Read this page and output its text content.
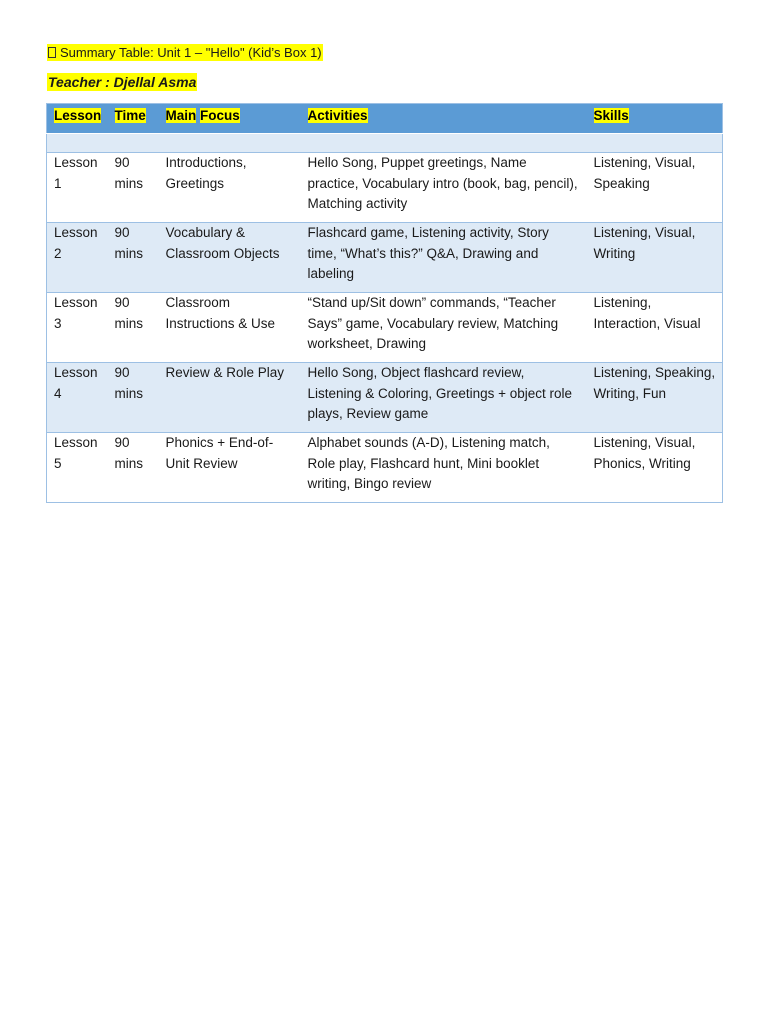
Summary Table: Unit 1 – "Hello" (Kid’s Box 1)
Teacher : Djellal Asma
Lesson	Time	Main Focus	Activities	Skills

Lesson 1	90 mins	Introductions, Greetings	Hello Song, Puppet greetings, Name practice, Vocabulary intro (book, bag, pencil), Matching activity	Listening, Visual, Speaking
Lesson 2	90 mins	Vocabulary & Classroom Objects	Flashcard game, Listening activity, Story time, “What’s this?” Q&A, Drawing and labeling	Listening, Visual, Writing
Lesson 3	90 mins	Classroom Instructions & Use	“Stand up/Sit down” commands, “Teacher Says” game, Vocabulary review, Matching worksheet, Drawing	Listening, Interaction, Visual
Lesson 4	90 mins	Review & Role Play	Hello Song, Object flashcard review, Listening & Coloring, Greetings + object role plays, Review game	Listening, Speaking, Writing, Fun
Lesson 5	90 mins	Phonics + End-of-Unit Review	Alphabet sounds (A-D), Listening match, Role play, Flashcard hunt, Mini booklet writing, Bingo review	Listening, Visual, Phonics, Writing
